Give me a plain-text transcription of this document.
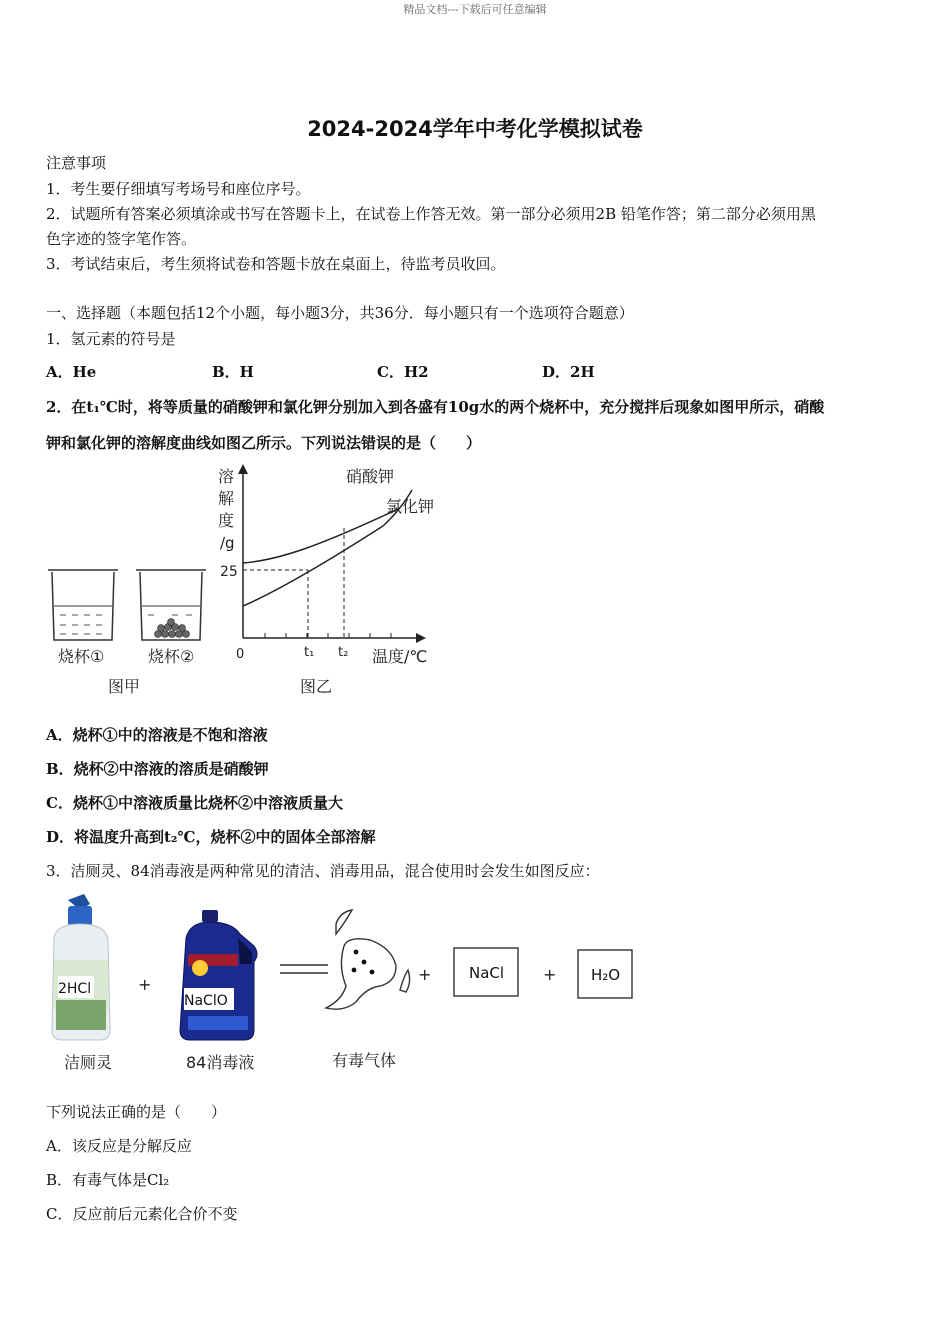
精品文档---下载后可任意编辑
2024-2024学年中考化学模拟试卷
注意事项
1．考生要仔细填写考场号和座位序号。
2．试题所有答案必须填涂或书写在答题卡上，在试卷上作答无效。第一部分必须用2B 铅笔作答；第二部分必须用黑
色字迹的签字笔作答。
3．考试结束后，考生须将试卷和答题卡放在桌面上，待监考员收回。
一、选择题（本题包括12个小题，每小题3分，共36分．每小题只有一个选项符合题意）
1．氢元素的符号是
A．He	B．H	C．H2	D．2H
2．在t₁℃时，将等质量的硝酸钾和氯化钾分别加入到各盛有10g水的两个烧杯中，充分搅拌后现象如图甲所示，硝酸
钾和氯化钾的溶解度曲线如图乙所示。下列说法错误的是（　　）
烧杯①	烧杯②
图甲
溶
解
度
/g
25
0	t₁ t₂ 温度/℃
硝酸钾
氯化钾
图乙
A．烧杯①中的溶液是不饱和溶液
B．烧杯②中溶液的溶质是硝酸钾
C．烧杯①中溶液质量比烧杯②中溶液质量大
D．将温度升高到t₂℃，烧杯②中的固体全部溶解
3．洁厕灵、84消毒液是两种常见的清洁、消毒用品，混合使用时会发生如图反应：
2HCl	+
NaClO
+	NaCl + H₂O
洁厕灵	84消毒液	有毒气体
下列说法正确的是（　　）
A．该反应是分解反应
B．有毒气体是Cl₂
C．反应前后元素化合价不变
